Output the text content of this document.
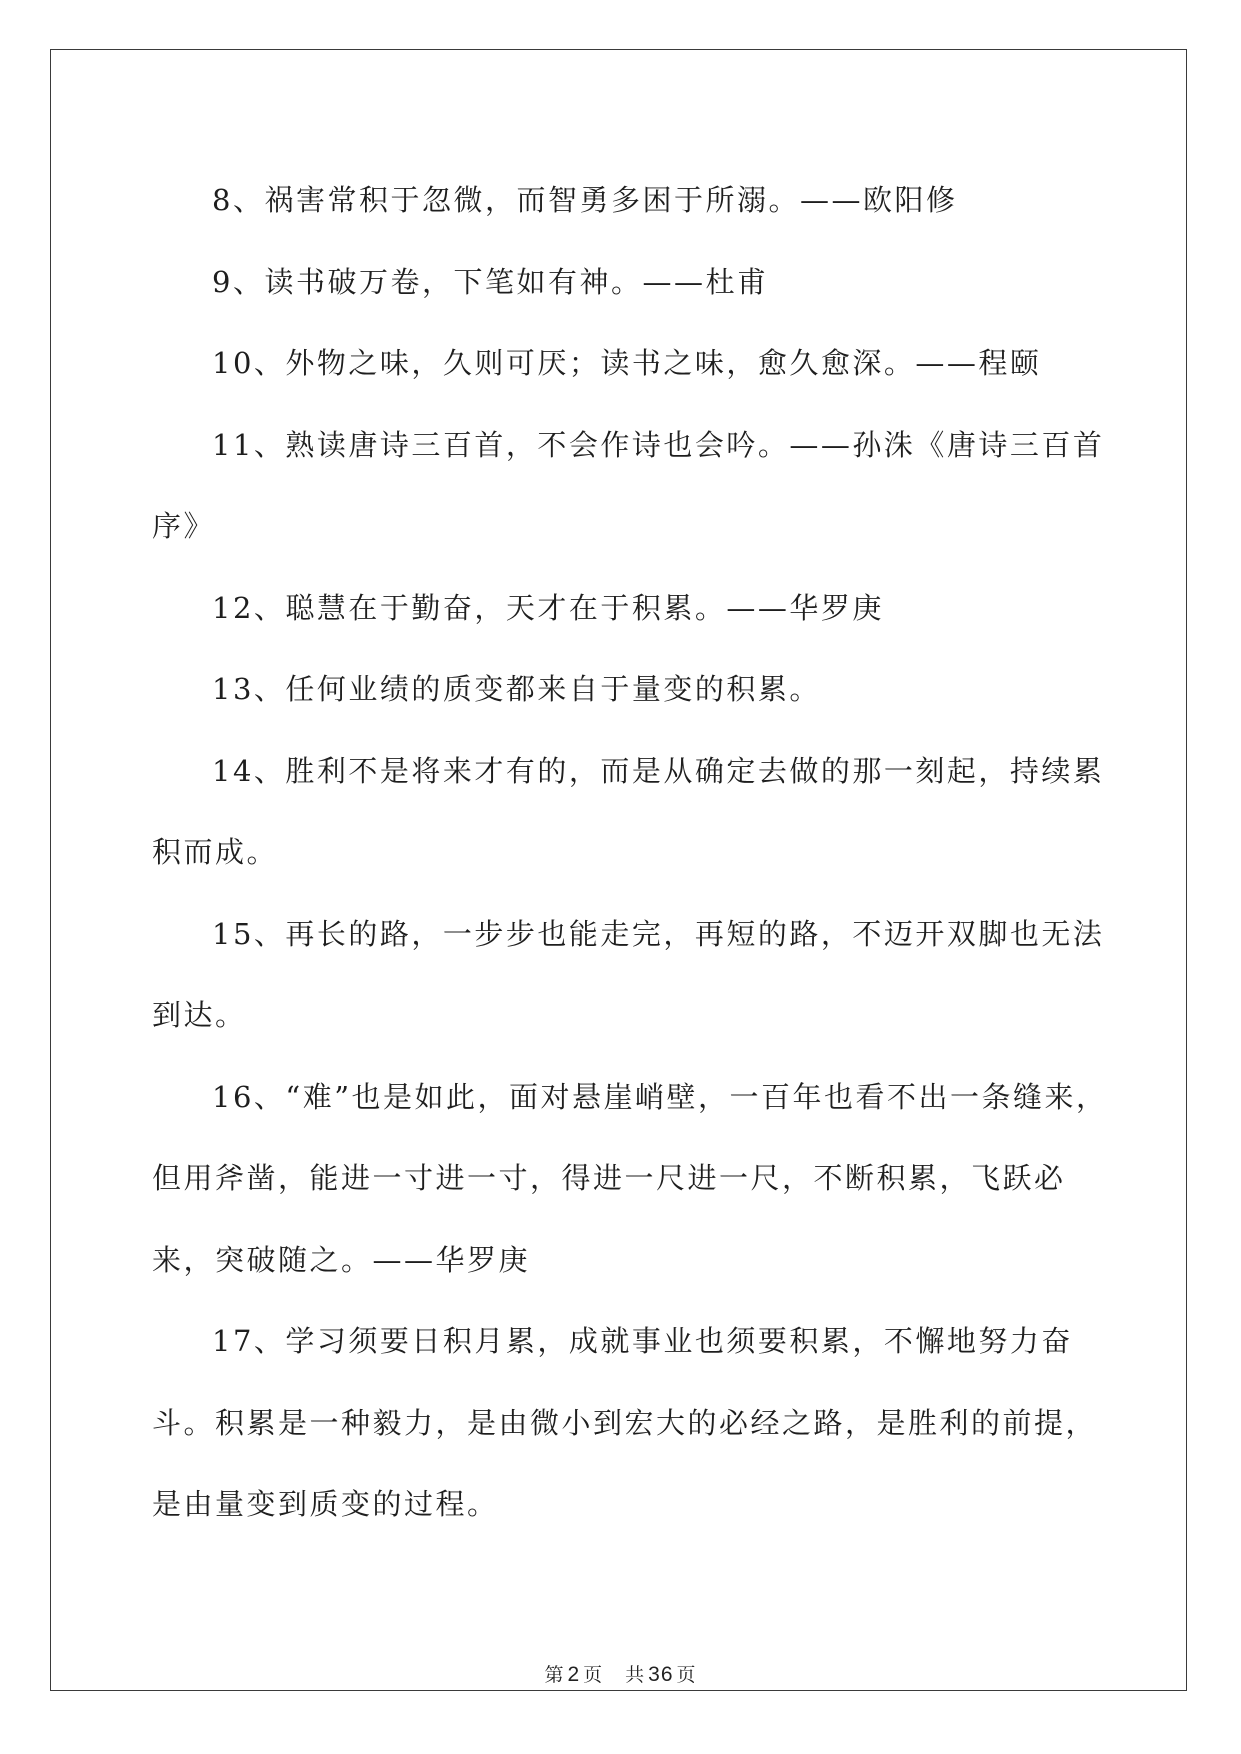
8、祸害常积于忽微，而智勇多困于所溺。——欧阳修

9、读书破万卷，下笔如有神。——杜甫

10、外物之味，久则可厌；读书之味，愈久愈深。——程颐

11、熟读唐诗三百首，不会作诗也会吟。——孙洙《唐诗三百首序》

12、聪慧在于勤奋，天才在于积累。——华罗庚

13、任何业绩的质变都来自于量变的积累。

14、胜利不是将来才有的，而是从确定去做的那一刻起，持续累积而成。

15、再长的路，一步步也能走完，再短的路，不迈开双脚也无法到达。

16、“难”也是如此，面对悬崖峭壁，一百年也看不出一条缝来，但用斧凿，能进一寸进一寸，得进一尺进一尺，不断积累，飞跃必来，突破随之。——华罗庚

17、学习须要日积月累，成就事业也须要积累，不懈地努力奋斗。积累是一种毅力，是由微小到宏大的必经之路，是胜利的前提，是由量变到质变的过程。

第 2 页 共 36 页
